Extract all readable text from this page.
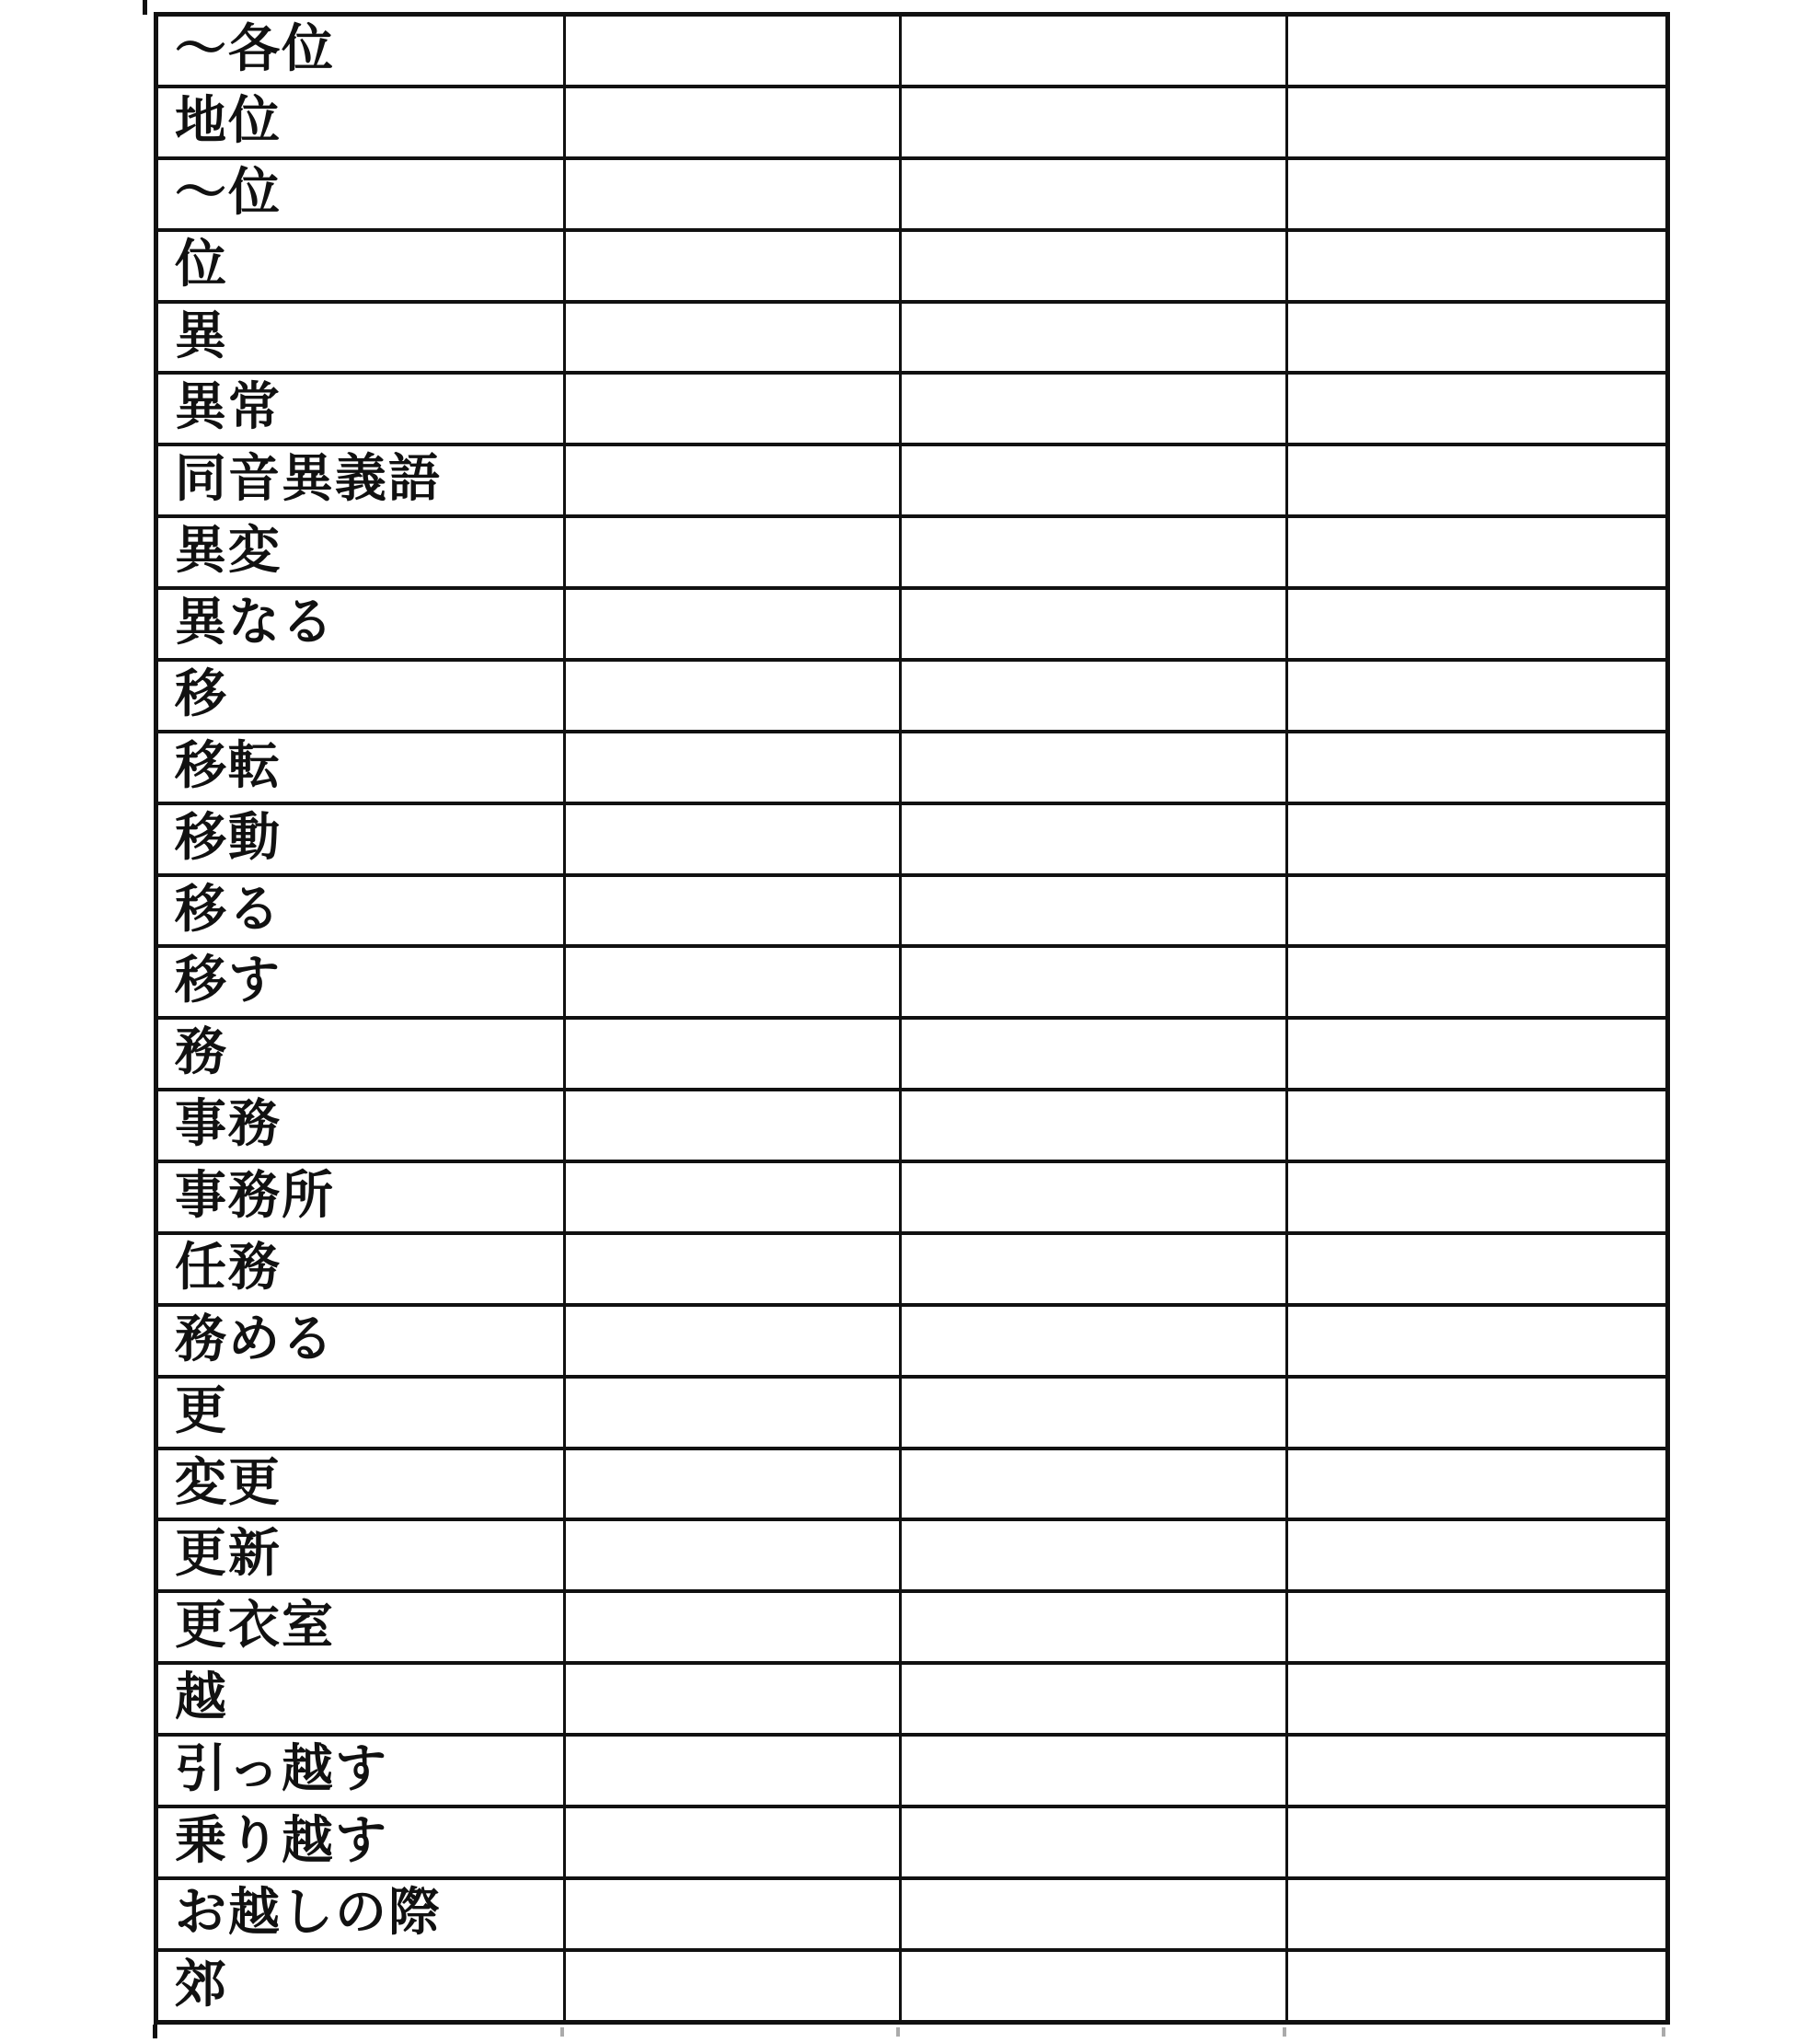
～各位			
地位			
～位			
位			
異			
異常			
同音異義語			
異変			
異なる			
移			
移転			
移動			
移る			
移す			
務			
事務			
事務所			
任務			
務める			
更			
変更			
更新			
更衣室			
越			
引っ越す			
乗り越す			
お越しの際			
郊			
